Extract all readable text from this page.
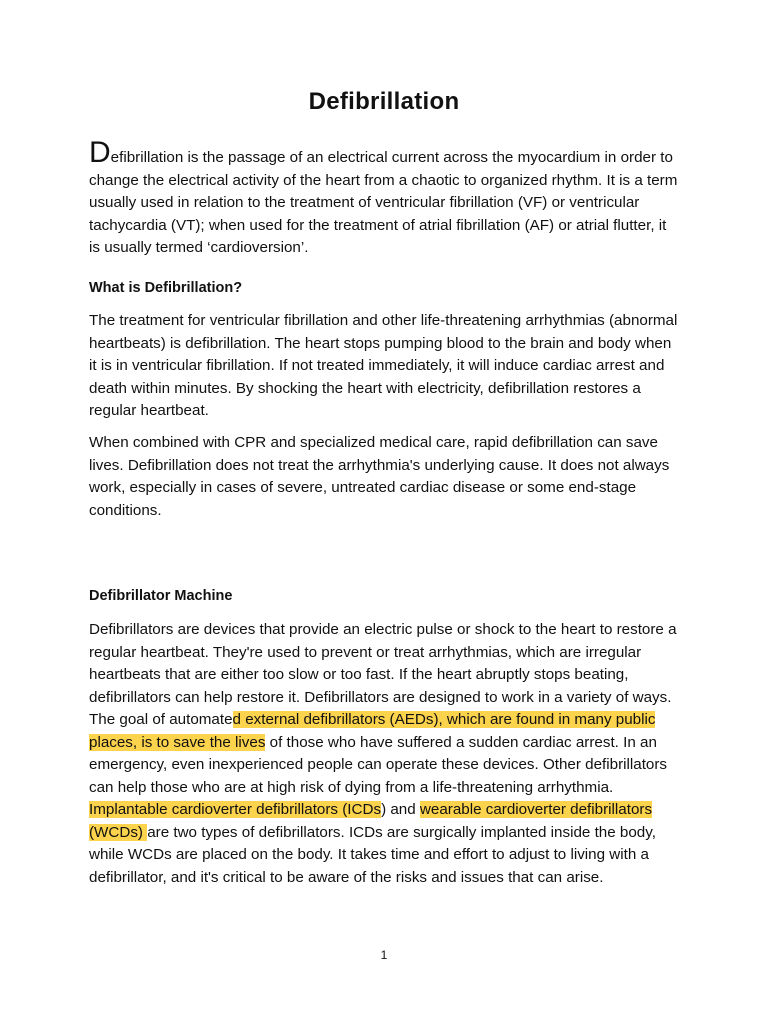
Defibrillation
Defibrillation is the passage of an electrical current across the myocardium in order to change the electrical activity of the heart from a chaotic to organized rhythm. It is a term usually used in relation to the treatment of ventricular fibrillation (VF) or ventricular tachycardia (VT); when used for the treatment of atrial fibrillation (AF) or atrial flutter, it is usually termed ‘cardioversion’.
What is Defibrillation?
The treatment for ventricular fibrillation and other life-threatening arrhythmias (abnormal heartbeats) is defibrillation. The heart stops pumping blood to the brain and body when it is in ventricular fibrillation. If not treated immediately, it will induce cardiac arrest and death within minutes. By shocking the heart with electricity, defibrillation restores a regular heartbeat.
When combined with CPR and specialized medical care, rapid defibrillation can save lives. Defibrillation does not treat the arrhythmia's underlying cause. It does not always work, especially in cases of severe, untreated cardiac disease or some end-stage conditions.
Defibrillator Machine
Defibrillators are devices that provide an electric pulse or shock to the heart to restore a regular heartbeat. They're used to prevent or treat arrhythmias, which are irregular heartbeats that are either too slow or too fast. If the heart abruptly stops beating, defibrillators can help restore it. Defibrillators are designed to work in a variety of ways. The goal of automated external defibrillators (AEDs), which are found in many public places, is to save the lives of those who have suffered a sudden cardiac arrest. In an emergency, even inexperienced people can operate these devices. Other defibrillators can help those who are at high risk of dying from a life-threatening arrhythmia. Implantable cardioverter defibrillators (ICDs) and wearable cardioverter defibrillators (WCDs) are two types of defibrillators. ICDs are surgically implanted inside the body, while WCDs are placed on the body. It takes time and effort to adjust to living with a defibrillator, and it's critical to be aware of the risks and issues that can arise.
1
